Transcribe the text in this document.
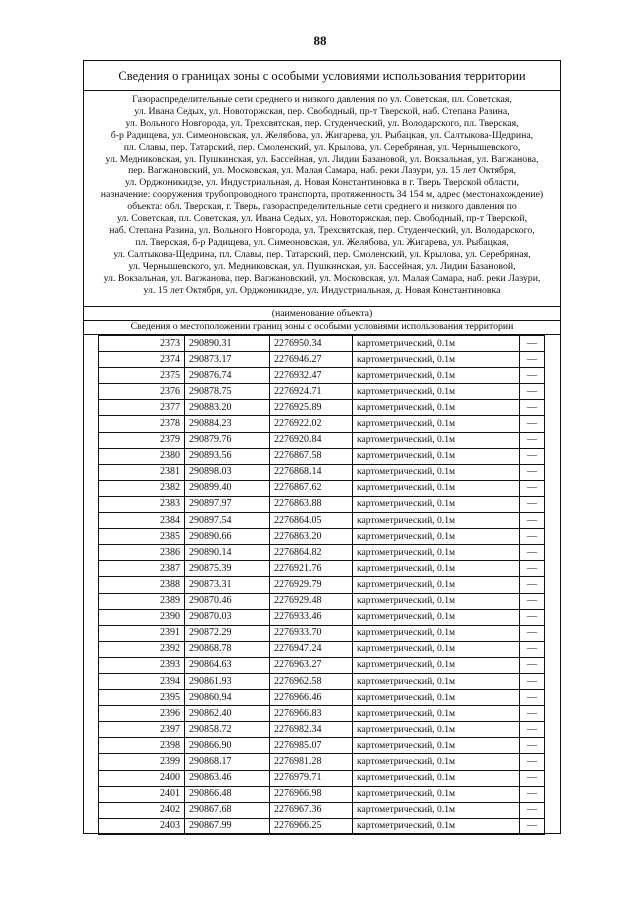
88
Сведения о границах зоны с особыми условиями использования территории
Газораспределительные сети среднего и низкого давления по ул. Советская, пл. Советская,
ул. Ивана Седых, ул. Новоторжская, пер. Свободный, пр-т Тверской, наб. Степана Разина,
ул. Вольного Новгорода, ул. Трехсвятская, пер. Студенческий, ул. Володарского, пл. Тверская,
б-р Радищева, ул. Симеоновская, ул. Желябова, ул. Жигарева, ул. Рыбацкая, ул. Салтыкова-Щедрина,
пл. Славы, пер. Татарский, пер. Смоленский, ул. Крылова, ул. Серебряная, ул. Чернышевского,
ул. Медниковская, ул. Пушкинская, ул. Бассейная, ул. Лидии Базановой, ул. Вокзальная, ул. Вагжанова,
пер. Вагжановский, ул. Московская, ул. Малая Самара, наб. реки Лазури, ул. 15 лет Октября,
ул. Орджоникидзе, ул. Индустриальная, д. Новая Константиновка в г. Тверь Тверской области,
назначение: сооружения трубопроводного транспорта, протяженность 34 154 м, адрес (местонахождение)
объекта: обл. Тверская, г. Тверь, газораспределительные сети среднего и низкого давления по
ул. Советская, пл. Советская, ул. Ивана Седых, ул. Новоторжская, пер. Свободный, пр-т Тверской,
наб. Степана Разина, ул. Вольного Новгорода, ул. Трехсвятская, пер. Студенческий, ул. Володарского,
пл. Тверская, б-р Радищева, ул. Симеоновская, ул. Желябова, ул. Жигарева, ул. Рыбацкая,
ул. Салтыкова-Щедрина, пл. Славы, пер. Татарский, пер. Смоленский, ул. Крылова, ул. Серебряная,
ул. Чернышевского, ул. Медниковская, ул. Пушкинская, ул. Бассейная, ул. Лидии Базановой,
ул. Вокзальная, ул. Вагжанова, пер. Вагжановский, ул. Московская, ул. Малая Самара, наб. реки Лазури,
ул. 15 лет Октября, ул. Орджоникидзе, ул. Индустриальная, д. Новая Константиновка
(наименование объекта)
Сведения о местоположении границ зоны с особыми условиями использования территории
2373	290890.31	2276950.34	картометрический, 0.1м	—
2374	290873.17	2276946.27	картометрический, 0.1м	—
2375	290876.74	2276932.47	картометрический, 0.1м	—
2376	290878.75	2276924.71	картометрический, 0.1м	—
2377	290883.20	2276925.89	картометрический, 0.1м	—
2378	290884.23	2276922.02	картометрический, 0.1м	—
2379	290879.76	2276920.84	картометрический, 0.1м	—
2380	290893.56	2276867.58	картометрический, 0.1м	—
2381	290898.03	2276868.14	картометрический, 0.1м	—
2382	290899.40	2276867.62	картометрический, 0.1м	—
2383	290897.97	2276863.88	картометрический, 0.1м	—
2384	290897.54	2276864.05	картометрический, 0.1м	—
2385	290890.66	2276863.20	картометрический, 0.1м	—
2386	290890.14	2276864.82	картометрический, 0.1м	—
2387	290875.39	2276921.76	картометрический, 0.1м	—
2388	290873.31	2276929.79	картометрический, 0.1м	—
2389	290870.46	2276929.48	картометрический, 0.1м	—
2390	290870.03	2276933.46	картометрический, 0.1м	—
2391	290872.29	2276933.70	картометрический, 0.1м	—
2392	290868.78	2276947.24	картометрический, 0.1м	—
2393	290864.63	2276963.27	картометрический, 0.1м	—
2394	290861.93	2276962.58	картометрический, 0.1м	—
2395	290860.94	2276966.46	картометрический, 0.1м	—
2396	290862.40	2276966.83	картометрический, 0.1м	—
2397	290858.72	2276982.34	картометрический, 0.1м	—
2398	290866.90	2276985.07	картометрический, 0.1м	—
2399	290868.17	2276981.28	картометрический, 0.1м	—
2400	290863.46	2276979.71	картометрический, 0.1м	—
2401	290866.48	2276966.98	картометрический, 0.1м	—
2402	290867.68	2276967.36	картометрический, 0.1м	—
2403	290867.99	2276966.25	картометрический, 0.1м	—
